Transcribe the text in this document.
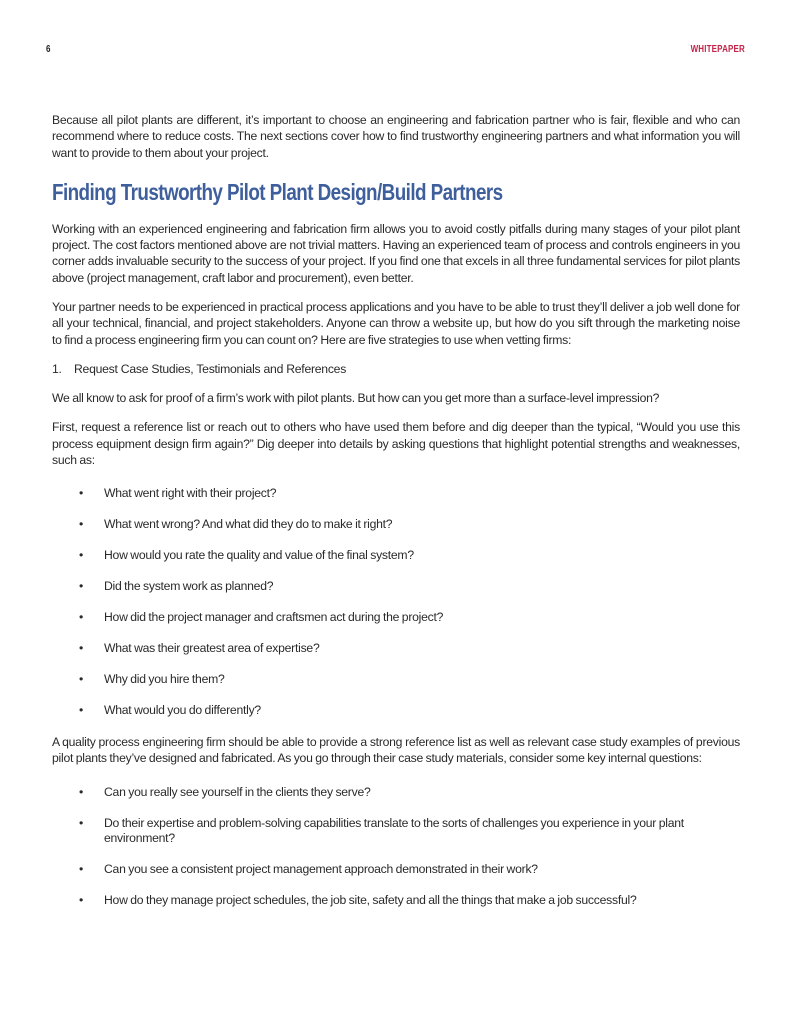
6	WHITEPAPER

Because all pilot plants are different, it’s important to choose an engineering and fabrication partner who is fair, flexible and who can recommend where to reduce costs. The next sections cover how to find trustworthy engineering partners and what information you will want to provide to them about your project.

Finding Trustworthy Pilot Plant Design/Build Partners

Working with an experienced engineering and fabrication firm allows you to avoid costly pitfalls during many stages of your pilot plant project. The cost factors mentioned above are not trivial matters. Having an experienced team of process and controls engineers in you corner adds invaluable security to the success of your project. If you find one that excels in all three fundamental services for pilot plants above (project management, craft labor and procurement), even better.

Your partner needs to be experienced in practical process applications and you have to be able to trust they’ll deliver a job well done for all your technical, financial, and project stakeholders. Anyone can throw a website up, but how do you sift through the marketing noise to find a process engineering firm you can count on? Here are five strategies to use when vetting firms:

1. Request Case Studies, Testimonials and References

We all know to ask for proof of a firm’s work with pilot plants. But how can you get more than a surface-level impression?

First, request a reference list or reach out to others who have used them before and dig deeper than the typical, “Would you use this process equipment design firm again?” Dig deeper into details by asking questions that highlight potential strengths and weaknesses, such as:

• What went right with their project?
• What went wrong? And what did they do to make it right?
• How would you rate the quality and value of the final system?
• Did the system work as planned?
• How did the project manager and craftsmen act during the project?
• What was their greatest area of expertise?
• Why did you hire them?
• What would you do differently?

A quality process engineering firm should be able to provide a strong reference list as well as relevant case study examples of previous pilot plants they’ve designed and fabricated. As you go through their case study materials, consider some key internal questions:

• Can you really see yourself in the clients they serve?
• Do their expertise and problem-solving capabilities translate to the sorts of challenges you experience in your plant environment?
• Can you see a consistent project management approach demonstrated in their work?
• How do they manage project schedules, the job site, safety and all the things that make a job successful?
